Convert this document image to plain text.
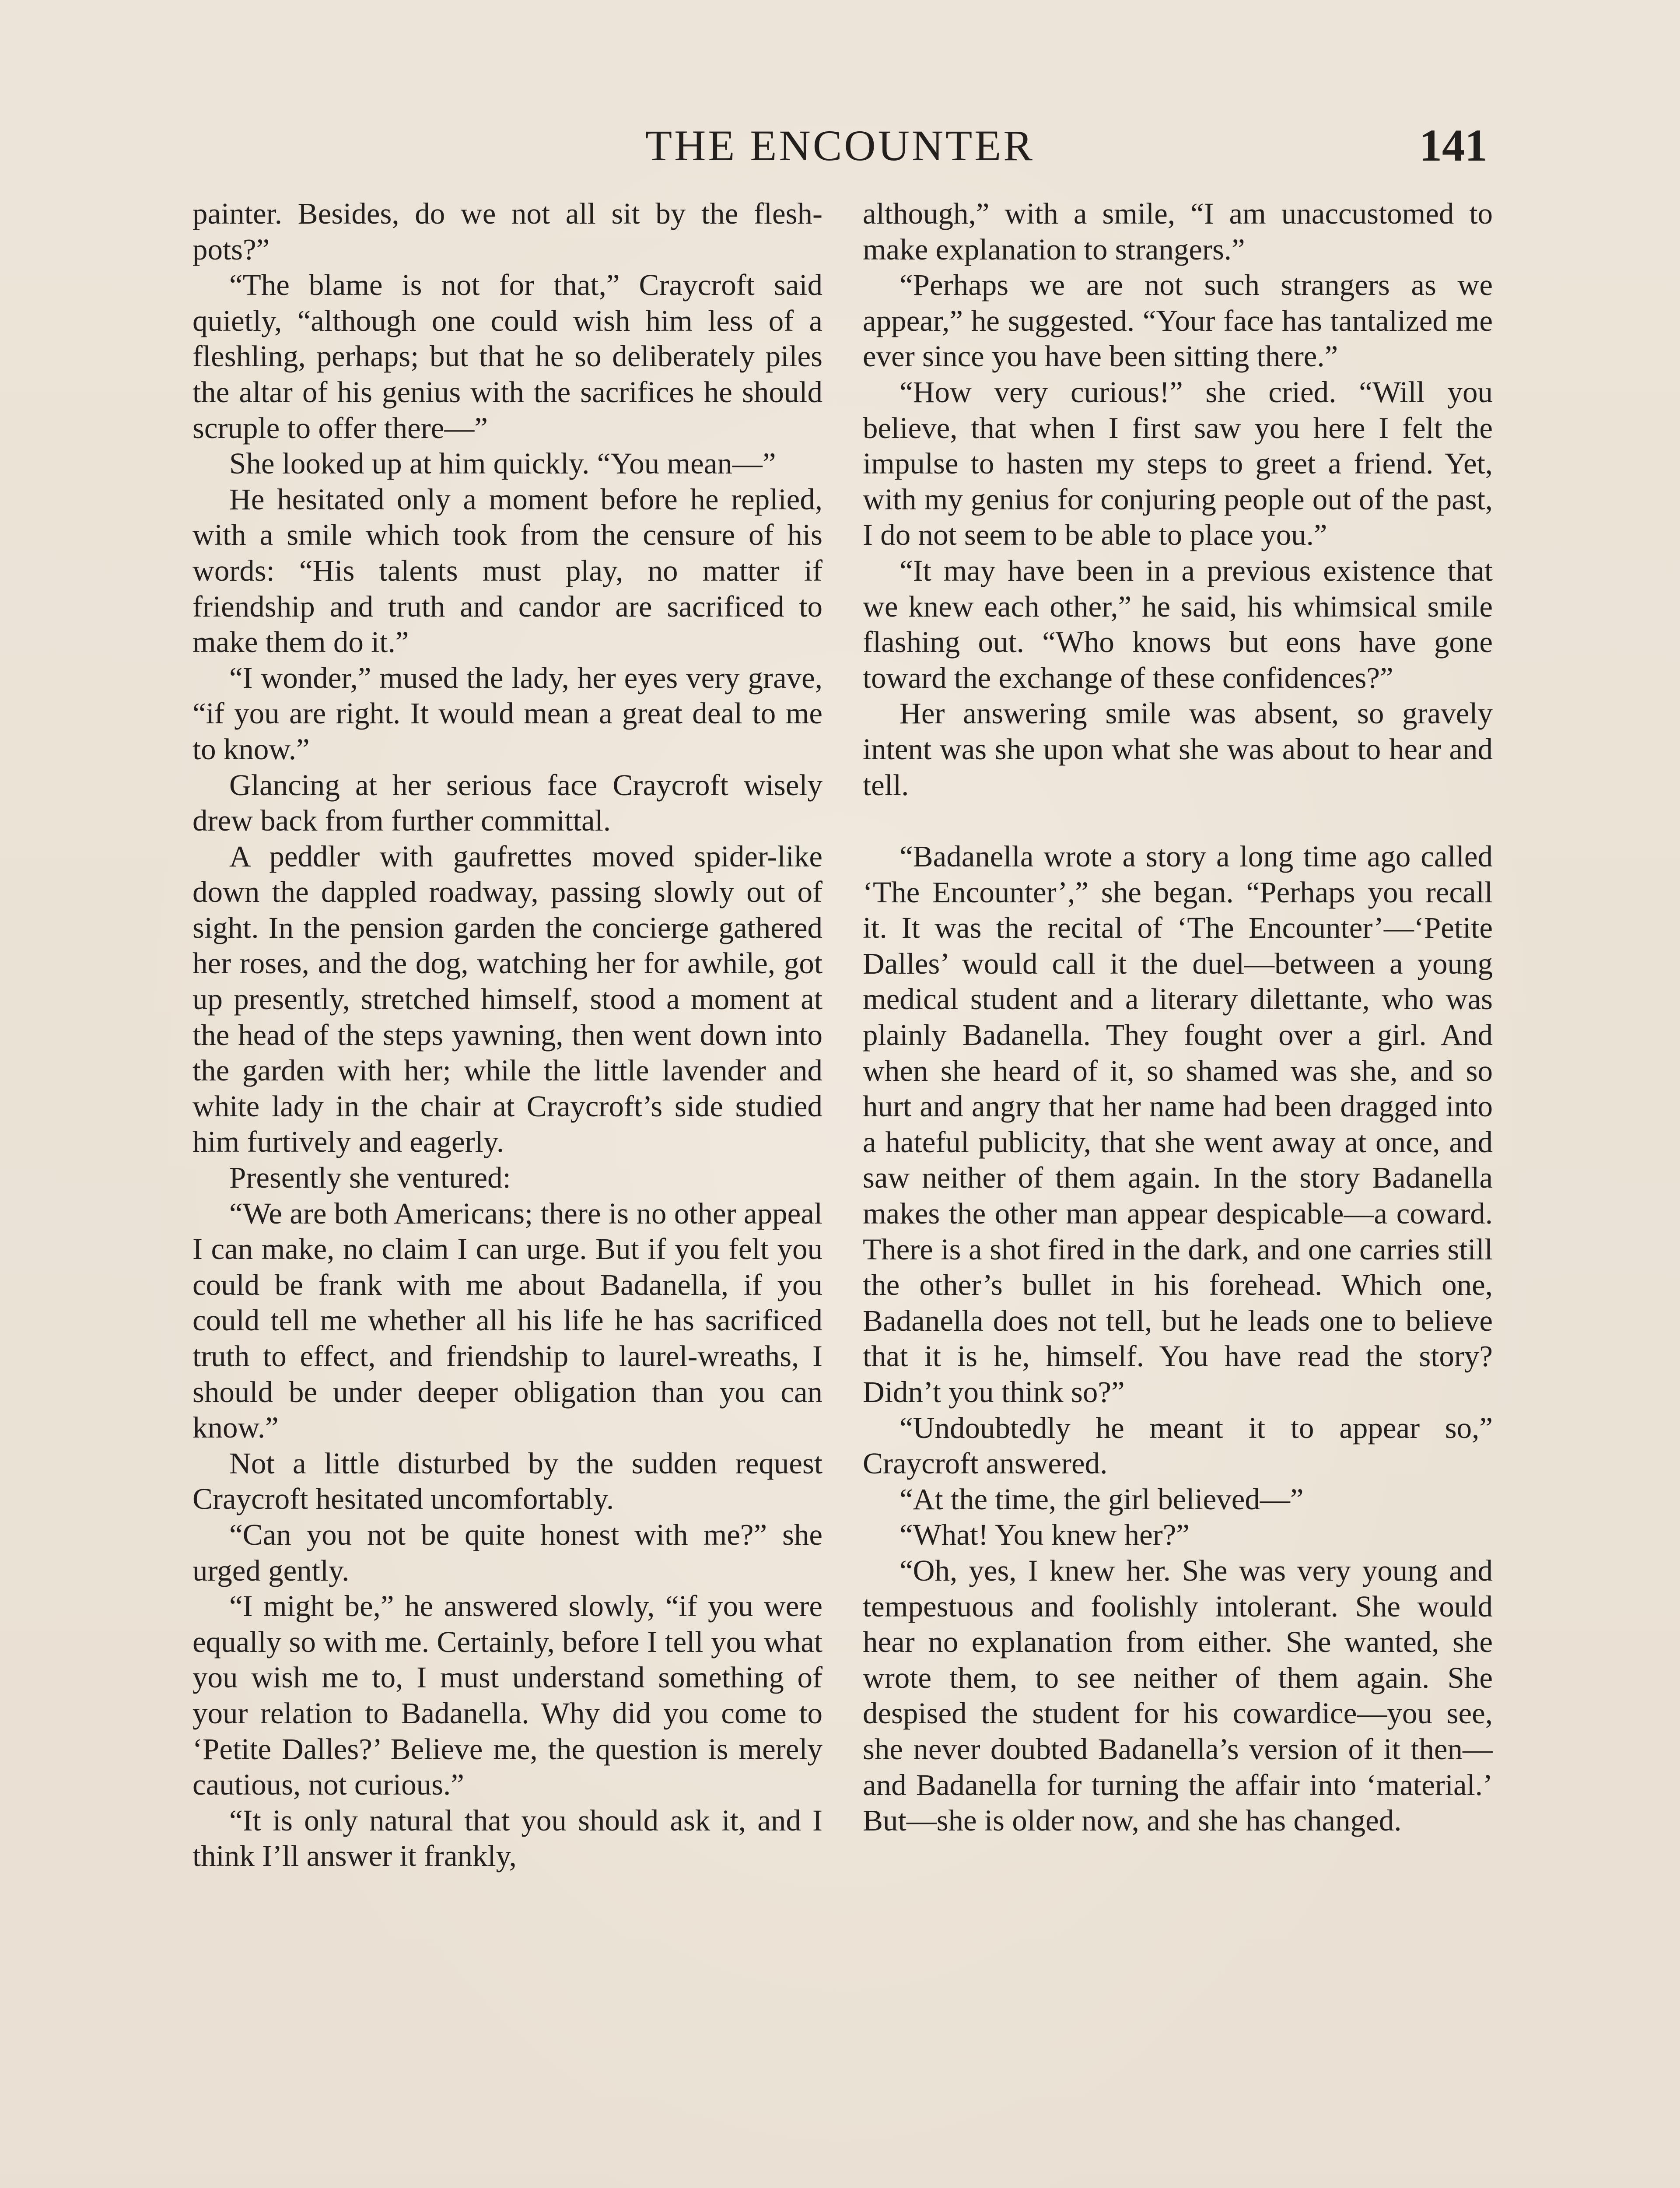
THE ENCOUNTER	141

painter. Besides, do we not all sit by the flesh-pots?”

“The blame is not for that,” Craycroft said quietly, “although one could wish him less of a fleshling, perhaps; but that he so deliberately piles the altar of his genius with the sacrifices he should scruple to offer there—”

She looked up at him quickly. “You mean—”

He hesitated only a moment before he replied, with a smile which took from the censure of his words: “His talents must play, no matter if friendship and truth and candor are sacrificed to make them do it.”

“I wonder,” mused the lady, her eyes very grave, “if you are right. It would mean a great deal to me to know.”

Glancing at her serious face Craycroft wisely drew back from further committal.

A peddler with gaufrettes moved spider-like down the dappled roadway, passing slowly out of sight. In the pension garden the concierge gathered her roses, and the dog, watching her for awhile, got up presently, stretched himself, stood a moment at the head of the steps yawning, then went down into the garden with her; while the little lavender and white lady in the chair at Craycroft’s side studied him furtively and eagerly.

Presently she ventured:

“We are both Americans; there is no other appeal I can make, no claim I can urge. But if you felt you could be frank with me about Badanella, if you could tell me whether all his life he has sacrificed truth to effect, and friendship to laurel-wreaths, I should be under deeper obligation than you can know.”

Not a little disturbed by the sudden request Craycroft hesitated uncomfortably.

“Can you not be quite honest with me?” she urged gently.

“I might be,” he answered slowly, “if you were equally so with me. Certainly, before I tell you what you wish me to, I must understand something of your relation to Badanella. Why did you come to ‘Petite Dalles?’ Believe me, the question is merely cautious, not curious.”

“It is only natural that you should ask it, and I think I’ll answer it frankly,

although,” with a smile, “I am unaccustomed to make explanation to strangers.”

“Perhaps we are not such strangers as we appear,” he suggested. “Your face has tantalized me ever since you have been sitting there.”

“How very curious!” she cried. “Will you believe, that when I first saw you here I felt the impulse to hasten my steps to greet a friend. Yet, with my genius for conjuring people out of the past, I do not seem to be able to place you.”

“It may have been in a previous existence that we knew each other,” he said, his whimsical smile flashing out. “Who knows but eons have gone toward the exchange of these confidences?”

Her answering smile was absent, so gravely intent was she upon what she was about to hear and tell.

“Badanella wrote a story a long time ago called ‘The Encounter’,” she began. “Perhaps you recall it. It was the recital of ‘The Encounter’—‘Petite Dalles’ would call it the duel—between a young medical student and a literary dilettante, who was plainly Badanella. They fought over a girl. And when she heard of it, so shamed was she, and so hurt and angry that her name had been dragged into a hateful publicity, that she went away at once, and saw neither of them again. In the story Badanella makes the other man appear despicable—a coward. There is a shot fired in the dark, and one carries still the other’s bullet in his forehead. Which one, Badanella does not tell, but he leads one to believe that it is he, himself. You have read the story? Didn’t you think so?”

“Undoubtedly he meant it to appear so,” Craycroft answered.

“At the time, the girl believed—”

“What! You knew her?”

“Oh, yes, I knew her. She was very young and tempestuous and foolishly intolerant. She would hear no explanation from either. She wanted, she wrote them, to see neither of them again. She despised the student for his cowardice—you see, she never doubted Badanella’s version of it then—and Badanella for turning the affair into ‘material.’ But—she is older now, and she has changed.
